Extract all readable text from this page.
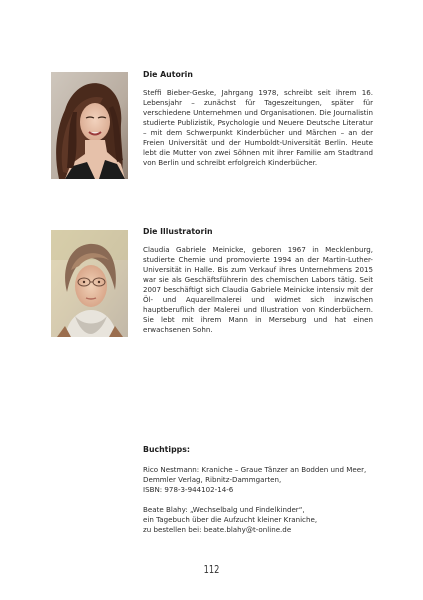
Die Autorin

Steffi Bieber-Geske, Jahrgang 1978, schreibt seit ihrem 16. Lebensjahr – zunächst für Tageszeitungen, später für verschiedene Unternehmen und Organisationen. Die Journalistin studierte Publizistik, Psychologie und Neuere Deutsche Literatur – mit dem Schwerpunkt Kinderbücher und Märchen – an der Freien Universität und der Humboldt-Universität Berlin. Heute lebt die Mutter von zwei Söhnen mit ihrer Familie am Stadtrand von Berlin und schreibt erfolgreich Kinderbücher.

Die Illustratorin

Claudia Gabriele Meinicke, geboren 1967 in Mecklenburg, studierte Chemie und promovierte 1994 an der Martin-Luther-Universität in Halle. Bis zum Verkauf ihres Unternehmens 2015 war sie als Geschäftsführerin des chemischen Labors tätig. Seit 2007 beschäftigt sich Claudia Gabriele Meinicke intensiv mit der Öl- und Aquarellmalerei und widmet sich inzwischen hauptberuflich der Malerei und Illustration von Kinderbüchern. Sie lebt mit ihrem Mann in Merseburg und hat einen erwachsenen Sohn.

Buchtipps:

Rico Nestmann: Kraniche – Graue Tänzer an Bodden und Meer,
Demmler Verlag, Ribnitz-Dammgarten,
ISBN: 978-3-944102-14-6

Beate Blahy: „Wechselbalg und Findelkinder“,
ein Tagebuch über die Aufzucht kleiner Kraniche,
zu bestellen bei: beate.blahy@t-online.de

112
